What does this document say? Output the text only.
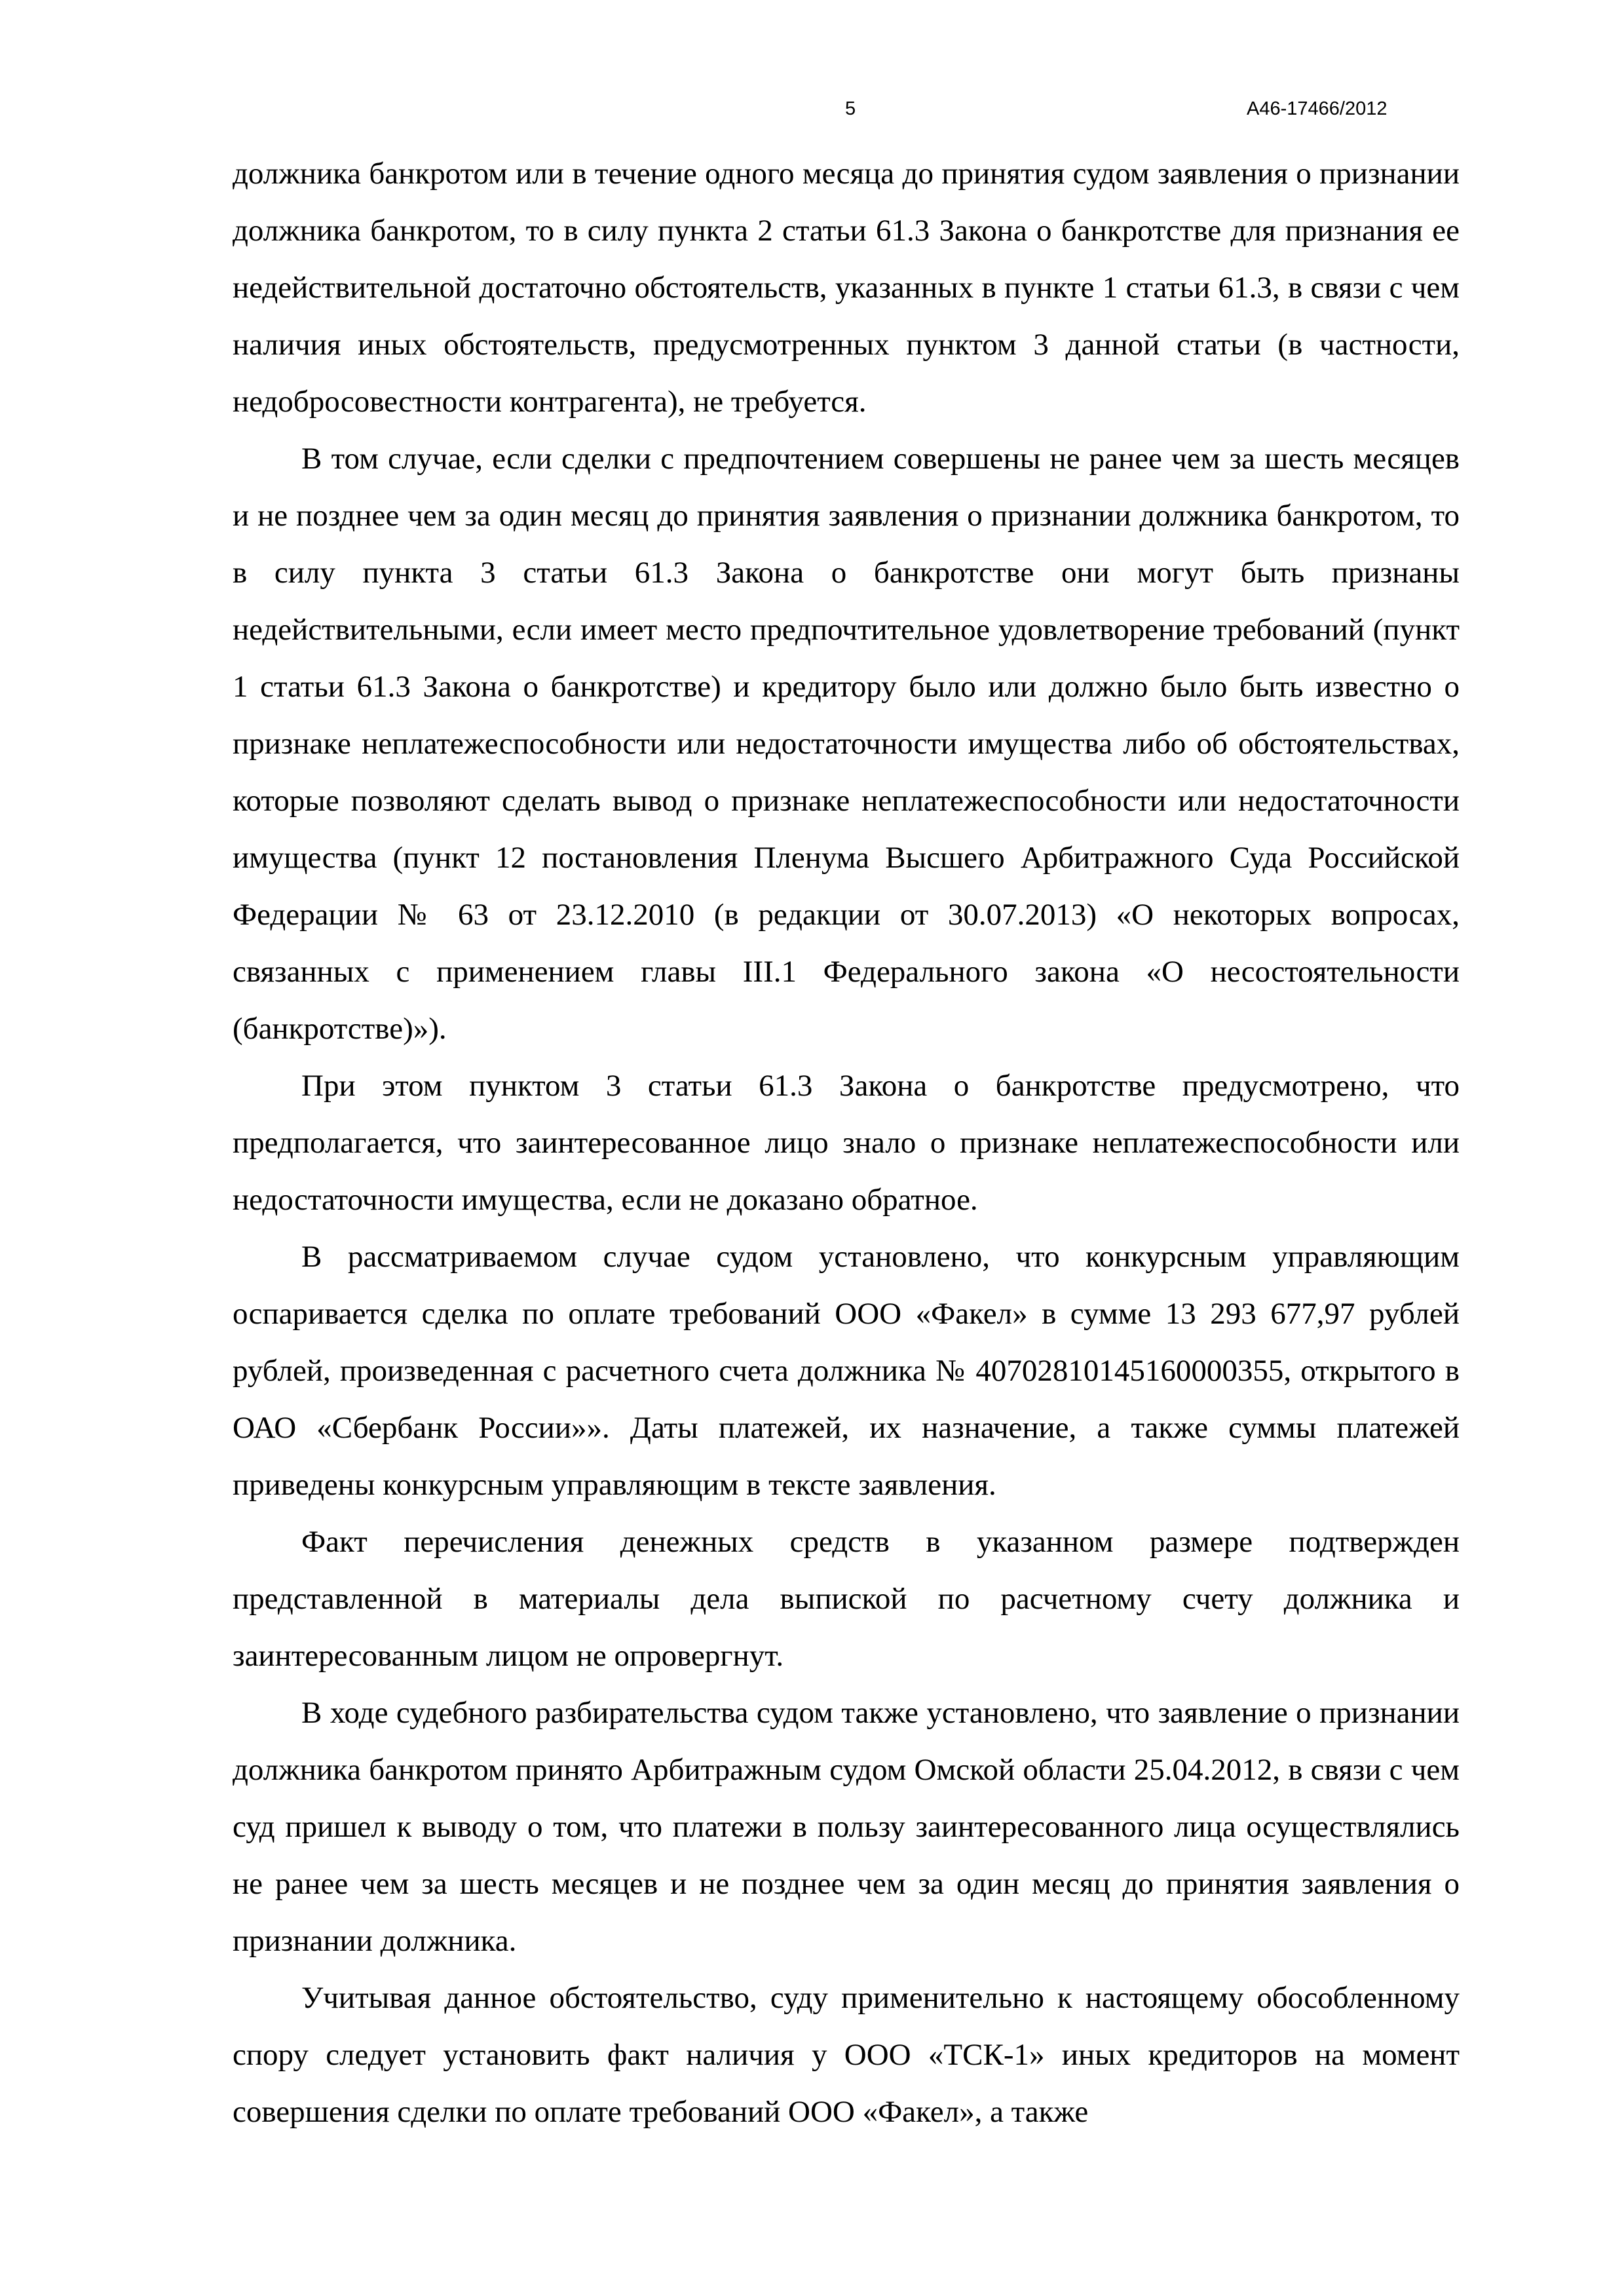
5	А46-17466/2012

должника банкротом или в течение одного месяца до принятия судом заявления о признании должника банкротом, то в силу пункта 2 статьи 61.3 Закона о банкротстве для признания ее недействительной достаточно обстоятельств, указанных в пункте 1 статьи 61.3, в связи с чем наличия иных обстоятельств, предусмотренных пунктом 3 данной статьи (в частности, недобросовестности контрагента), не требуется.

В том случае, если сделки с предпочтением совершены не ранее чем за шесть месяцев и не позднее чем за один месяц до принятия заявления о признании должника банкротом, то в силу пункта 3 статьи 61.3 Закона о банкротстве они могут быть признаны недействительными, если имеет место предпочтительное удовлетворение требований (пункт 1 статьи 61.3 Закона о банкротстве) и кредитору было или должно было быть известно о признаке неплатежеспособности или недостаточности имущества либо об обстоятельствах, которые позволяют сделать вывод о признаке неплатежеспособности или недостаточности имущества (пункт 12 постановления Пленума Высшего Арбитражного Суда Российской Федерации № 63 от 23.12.2010 (в редакции от 30.07.2013) «О некоторых вопросах, связанных с применением главы III.1 Федерального закона «О несостоятельности (банкротстве)»).

При этом пунктом 3 статьи 61.3 Закона о банкротстве предусмотрено, что предполагается, что заинтересованное лицо знало о признаке неплатежеспособности или недостаточности имущества, если не доказано обратное.

В рассматриваемом случае судом установлено, что конкурсным управляющим оспаривается сделка по оплате требований ООО «Факел» в сумме 13 293 677,97 рублей рублей, произведенная с расчетного счета должника № 40702810145160000355, открытого в ОАО «Сбербанк России»». Даты платежей, их назначение, а также суммы платежей приведены конкурсным управляющим в тексте заявления.

Факт перечисления денежных средств в указанном размере подтвержден представленной в материалы дела выпиской по расчетному счету должника и заинтересованным лицом не опровергнут.

В ходе судебного разбирательства судом также установлено, что заявление о признании должника банкротом принято Арбитражным судом Омской области 25.04.2012, в связи с чем суд пришел к выводу о том, что платежи в пользу заинтересованного лица осуществлялись не ранее чем за шесть месяцев и не позднее чем за один месяц до принятия заявления о признании должника.

Учитывая данное обстоятельство, суду применительно к настоящему обособленному спору следует установить факт наличия у ООО «ТСК-1» иных кредиторов на момент совершения сделки по оплате требований ООО «Факел», а также
